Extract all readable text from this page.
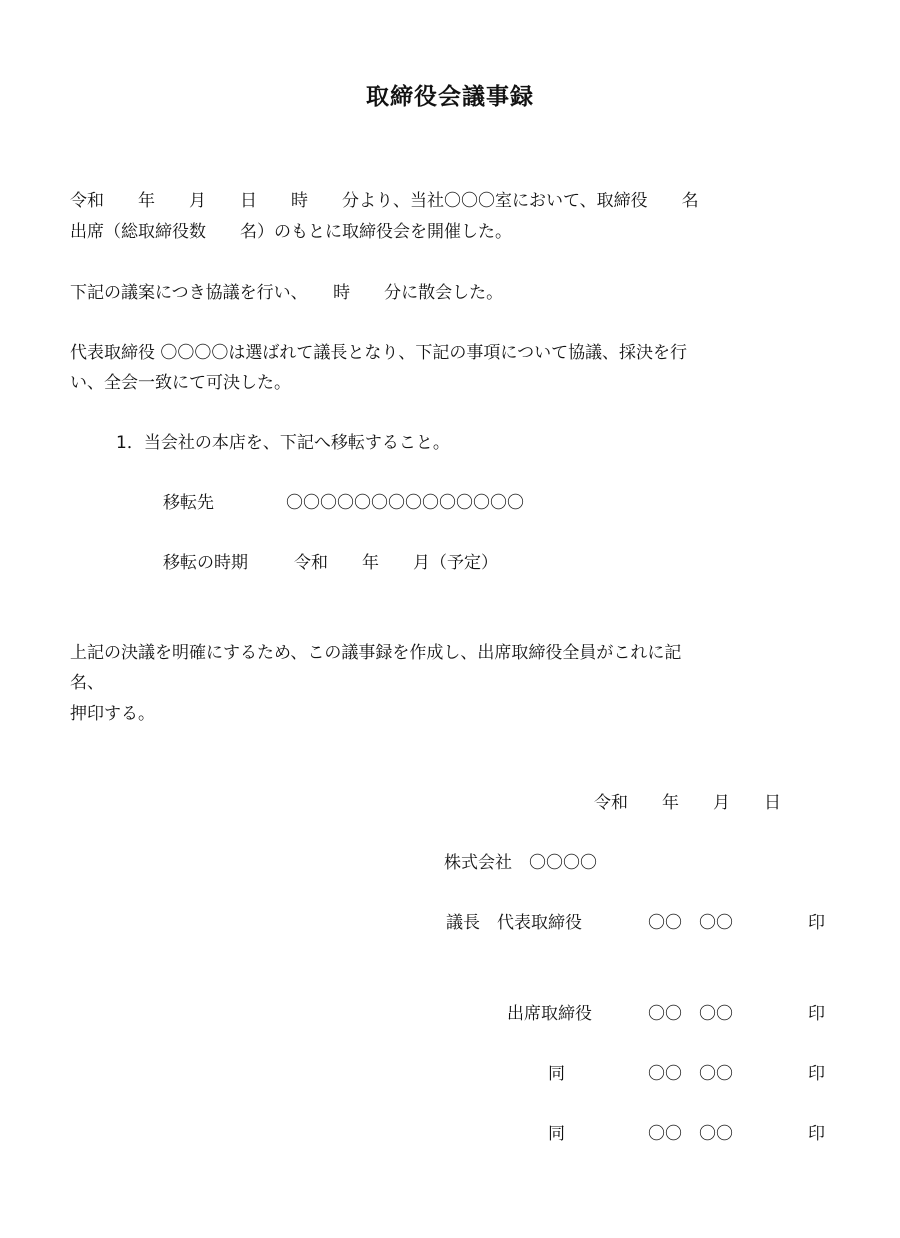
取締役会議事録
令和　　年　　月　　日　　時　　分より、当社〇〇〇室において、取締役　　名
出席（総取締役数　　名）のもとに取締役会を開催した。
下記の議案につき協議を行い、　　時　　分に散会した。
代表取締役 〇〇〇〇は選ばれて議長となり、下記の事項について協議、採決を行
い、全会一致にて可決した。
1．当会社の本店を、下記へ移転すること。
移転先	〇〇〇〇〇〇〇〇〇〇〇〇〇〇
移転の時期	令和　　年　　月（予定）
上記の決議を明確にするため、この議事録を作成し、出席取締役全員がこれに記
名、
押印する。
令和　　年　　月　　日
株式会社　〇〇〇〇
議長　代表取締役	〇〇　〇〇	印
出席取締役	〇〇　〇〇	印
同	〇〇　〇〇	印
同	〇〇　〇〇	印
